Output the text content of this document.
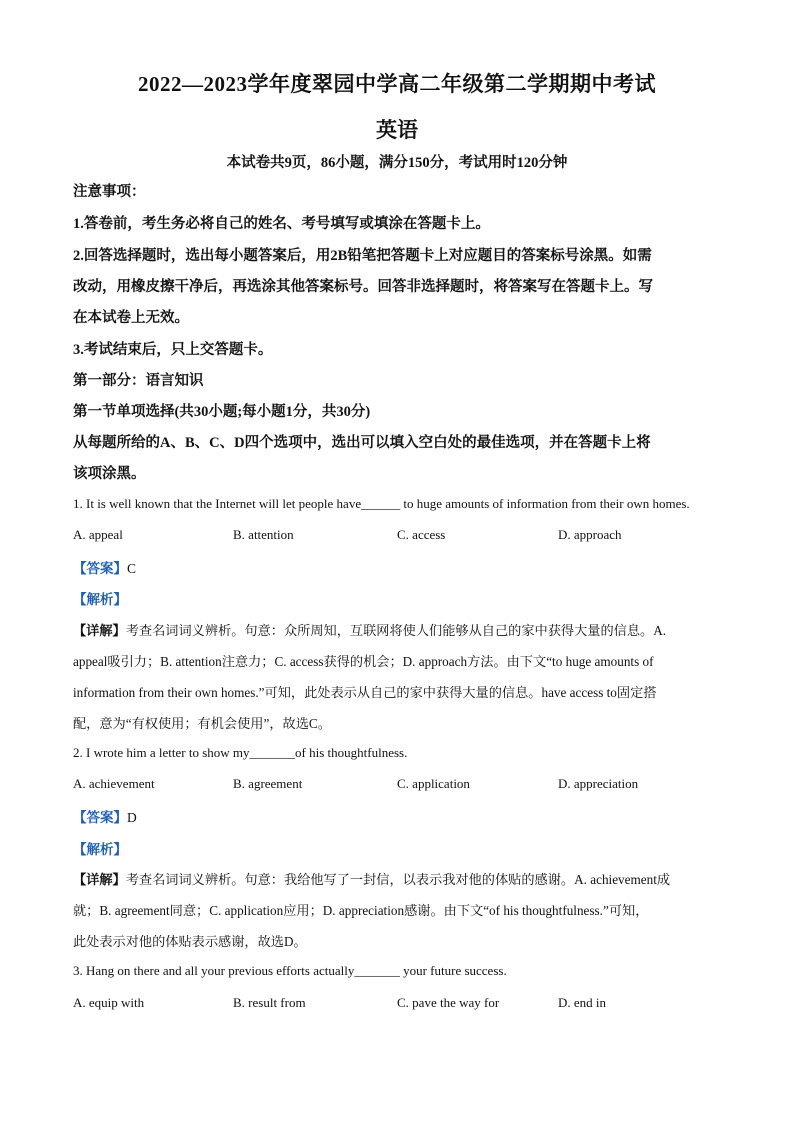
2022—2023学年度翠园中学高二年级第二学期期中考试
英语
本试卷共9页，86小题，满分150分，考试用时120分钟
注意事项：
1.答卷前，考生务必将自己的姓名、考号填写或填涂在答题卡上。
2.回答选择题时，选出每小题答案后，用2B铅笔把答题卡上对应题目的答案标号涂黑。如需
改动，用橡皮擦干净后，再选涂其他答案标号。回答非选择题时，将答案写在答题卡上。写
在本试卷上无效。
3.考试结束后，只上交答题卡。
第一部分：语言知识
第一节单项选择(共30小题;每小题1分，共30分)
从每题所给的A、B、C、D四个选项中，选出可以填入空白处的最佳选项，并在答题卡上将
该项涂黑。
1. It is well known that the Internet will let people have______ to huge amounts of information from their own homes.
A. appeal	B. attention	C. access	D. approach
【答案】C
【解析】
【详解】考查名词词义辨析。句意：众所周知，互联网将使人们能够从自己的家中获得大量的信息。A.
appeal吸引力；B. attention注意力；C. access获得的机会；D. approach方法。由下文“to huge amounts of
information from their own homes.”可知，此处表示从自己的家中获得大量的信息。have access to固定搭
配，意为“有权使用；有机会使用”，故选C。
2. I wrote him a letter to show my_______of his thoughtfulness.
A. achievement	B. agreement	C. application	D. appreciation
【答案】D
【解析】
【详解】考查名词词义辨析。句意：我给他写了一封信，以表示我对他的体贴的感谢。A. achievement成
就；B. agreement同意；C. application应用；D. appreciation感谢。由下文“of his thoughtfulness.”可知，
此处表示对他的体贴表示感谢，故选D。
3. Hang on there and all your previous efforts actually_______ your future success.
A. equip with	B. result from	C. pave the way for	D. end in
